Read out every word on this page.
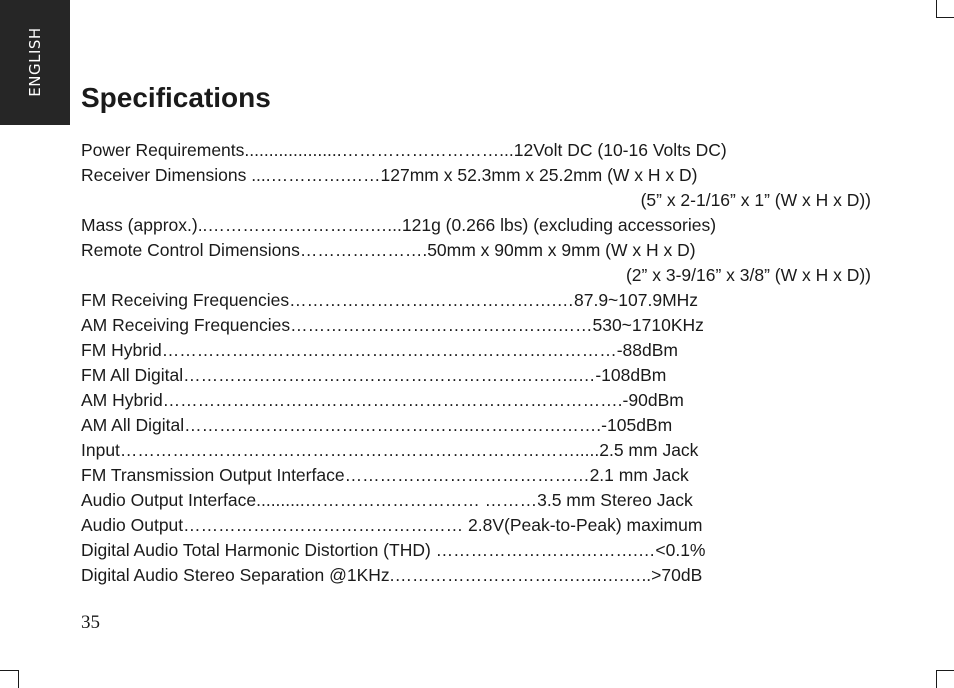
ENGLISH
Specifications
Power Requirements....................………………………...12Volt DC (10-16 Volts DC)
Receiver Dimensions ....………….……127mm x 52.3mm x 25.2mm (W x H x D)
(5” x 2-1/16” x 1” (W x H x D))
Mass (approx.)..……………………….…...121g (0.266 lbs) (excluding accessories)
Remote Control Dimensions………………….50mm x 90mm x 9mm (W x H x D)
(2” x 3-9/16” x 3/8” (W x H x D))
FM Receiving Frequencies……………………………………….…87.9~107.9MHz
AM Receiving Frequencies……………………………………….……530~1710KHz
FM Hybrid……………………………………………………………………-88dBm
FM All Digital…………………………………………………………..…-108dBm
AM Hybrid…………………………………………………………………….-90dBm
AM All Digital…………………………………………..………………….-105dBm
Input…………………………………………………………………….....2.5 mm Jack
FM Transmission Output Interface……………………………………2.1 mm Jack
Audio Output Interface..........………………………… ………3.5 mm Stereo Jack
Audio Output………………………………………… 2.8V(Peak-to-Peak) maximum
Digital Audio Total Harmonic Distortion (THD) …………………….……….…<0.1%
Digital Audio Stereo Separation @1KHz.………………………….…..….…..>70dB
35
